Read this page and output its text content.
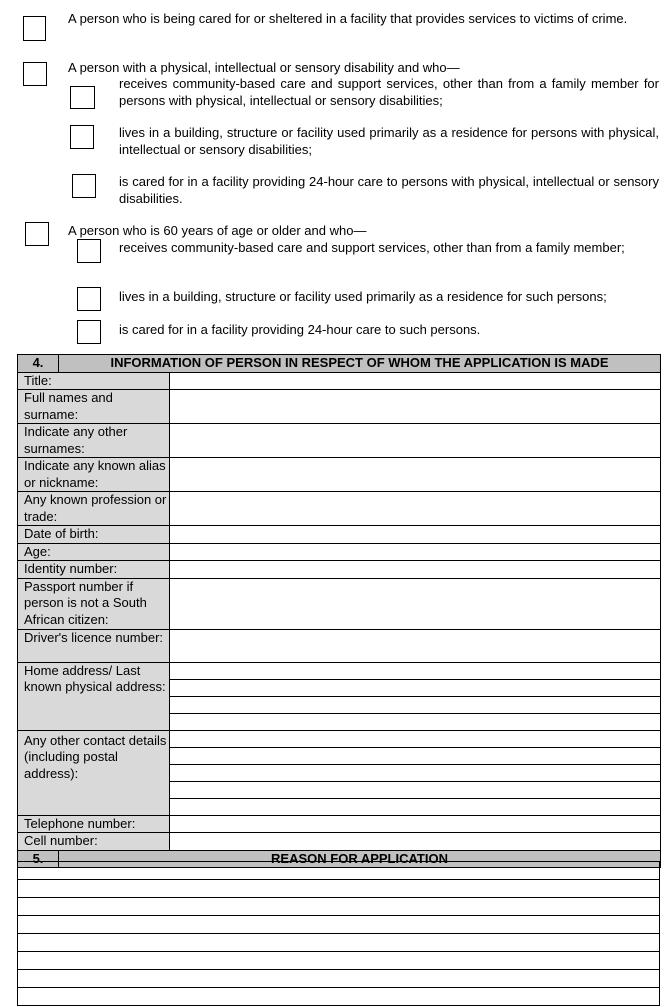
A person who is being cared for or sheltered in a facility that provides services to victims of crime.
A person with a physical, intellectual or sensory disability and who—
receives community-based care and support services, other than from a family member for persons with physical, intellectual or sensory disabilities;
lives in a building, structure or facility used primarily as a residence for persons with physical, intellectual or sensory disabilities;
is cared for in a facility providing 24-hour care to persons with physical, intellectual or sensory disabilities.
A person who is 60 years of age or older and who—
receives community-based care and support services, other than from a family member;
lives in a building, structure or facility used primarily as a residence for such persons;
is cared for in a facility providing 24-hour care to such persons.
4.	INFORMATION OF PERSON IN RESPECT OF WHOM THE APPLICATION IS MADE	
Title:		
Full names and surname:		
Indicate any other surnames:		
Indicate any known alias or nickname:		
Any known profession or trade:		
Date of birth:		
Age:		
Identity number:		
Passport number if person is not a South African citizen:		
Driver's licence number:		
Home address/ Last known physical address:		

Any other contact details (including postal address):		

Telephone number:		
Cell number:		
5.	REASON FOR APPLICATION	
